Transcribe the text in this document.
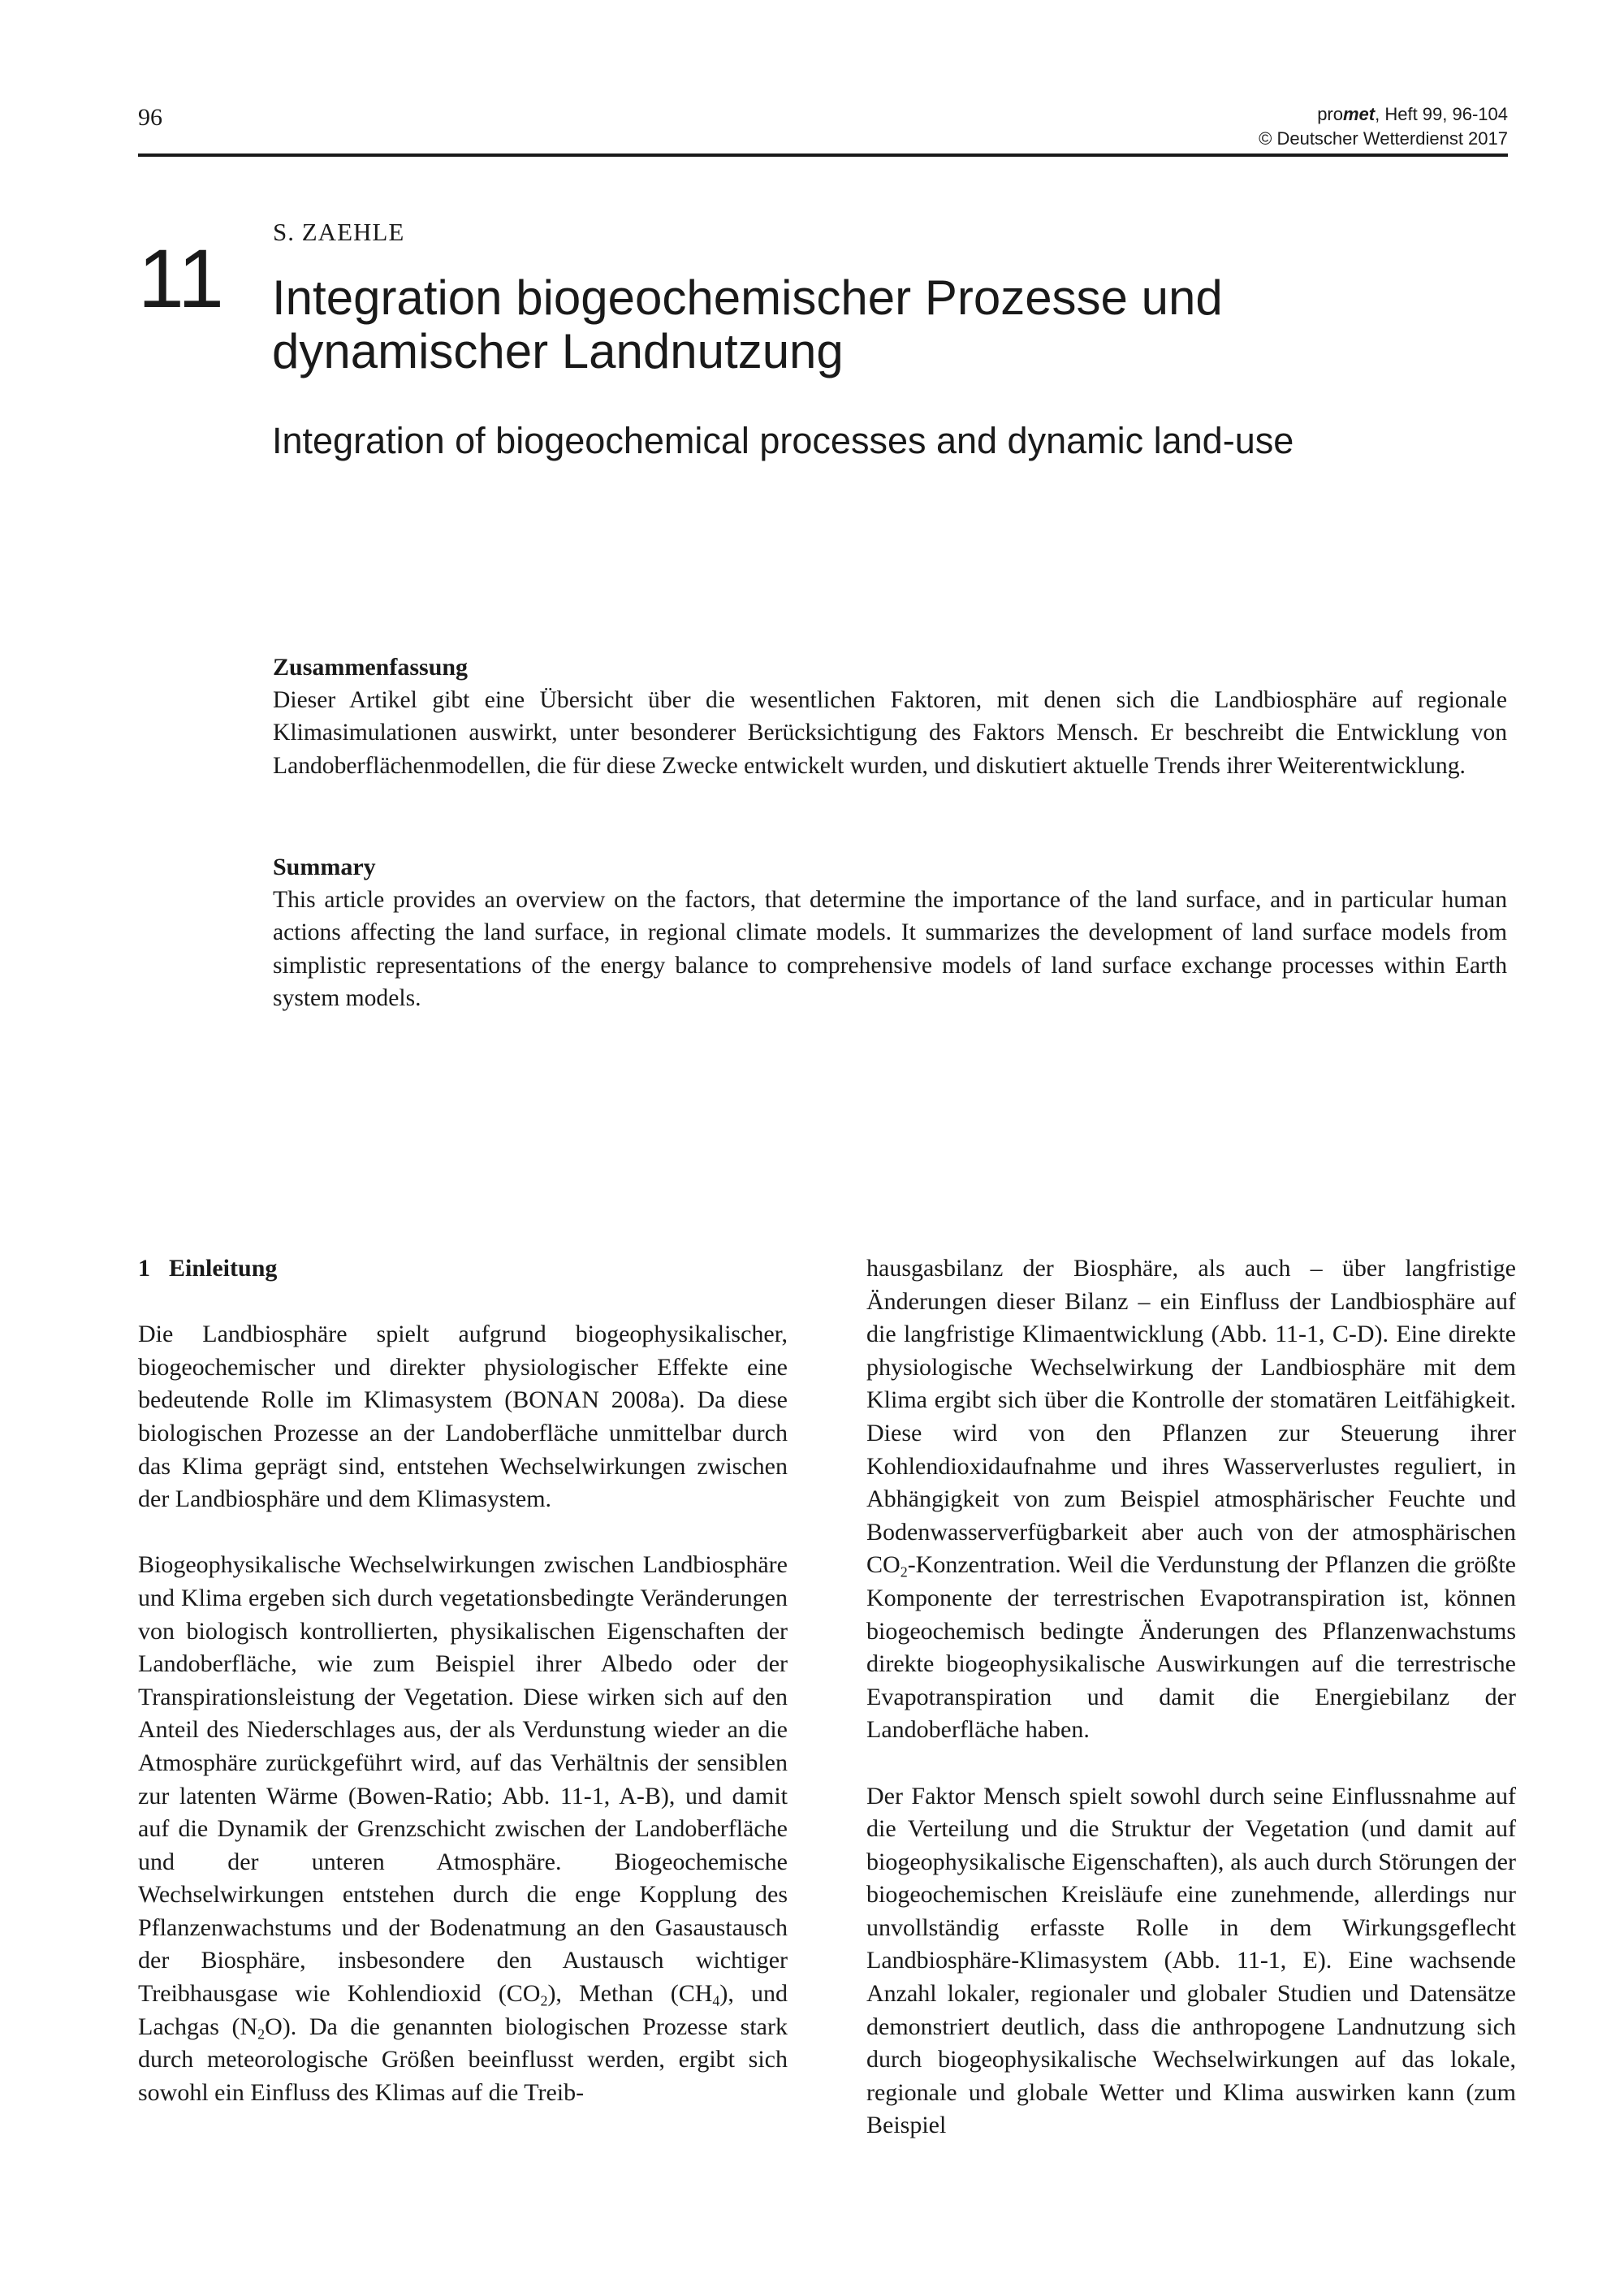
96	promet, Heft 99, 96-104
© Deutscher Wetterdienst 2017
S. ZAEHLE
11 Integration biogeochemischer Prozesse und dynamischer Landnutzung
Integration of biogeochemical processes and dynamic land-use
Zusammenfassung

Dieser Artikel gibt eine Übersicht über die wesentlichen Faktoren, mit denen sich die Landbiosphäre auf regionale Klimasimulationen auswirkt, unter besonderer Berücksichtigung des Faktors Mensch. Er beschreibt die Entwicklung von Landoberflächenmodellen, die für diese Zwecke entwickelt wurden, und diskutiert aktuelle Trends ihrer Weiterentwicklung.

Summary

This article provides an overview on the factors, that determine the importance of the land surface, and in particular human actions affecting the land surface, in regional climate models. It summarizes the development of land surface models from simplistic representations of the energy balance to comprehensive models of land surface exchange processes within Earth system models.

1 Einleitung

Die Landbiosphäre spielt aufgrund biogeophysikalischer, biogeochemischer und direkter physiologischer Effekte eine bedeutende Rolle im Klimasystem (BONAN 2008a). Da diese biologischen Prozesse an der Landoberfläche unmittelbar durch das Klima geprägt sind, entstehen Wechselwirkungen zwischen der Landbiosphäre und dem Klimasystem.

Biogeophysikalische Wechselwirkungen zwischen Landbiosphäre und Klima ergeben sich durch vegetationsbedingte Veränderungen von biologisch kontrollierten, physikalischen Eigenschaften der Landoberfläche, wie zum Beispiel ihrer Albedo oder der Transpirationsleistung der Vegetation. Diese wirken sich auf den Anteil des Niederschlages aus, der als Verdunstung wieder an die Atmosphäre zurückgeführt wird, auf das Verhältnis der sensiblen zur latenten Wärme (Bowen-Ratio; Abb. 11-1, A-B), und damit auf die Dynamik der Grenzschicht zwischen der Landoberfläche und der unteren Atmosphäre. Biogeochemische Wechselwirkungen entstehen durch die enge Kopplung des Pflanzenwachstums und der Bodenatmung an den Gasaustausch der Biosphäre, insbesondere den Austausch wichtiger Treibhausgase wie Kohlendioxid $(CO_2)$, Methan $(CH_4)$, und Lachgas $(N_2O)$. Da die genannten biologischen Prozesse stark durch meteorologische Größen beeinflusst werden, ergibt sich sowohl ein Einfluss des Klimas auf die Treib-

hausgasbilanz der Biosphäre, als auch – über langfristige Änderungen dieser Bilanz – ein Einfluss der Landbiosphäre auf die langfristige Klimaentwicklung (Abb. 11-1, C-D). Eine direkte physiologische Wechselwirkung der Landbiosphäre mit dem Klima ergibt sich über die Kontrolle der stomatären Leitfähigkeit. Diese wird von den Pflanzen zur Steuerung ihrer Kohlendioxidaufnahme und ihres Wasserverlustes reguliert, in Abhängigkeit von zum Beispiel atmosphärischer Feuchte und Bodenwasserverfügbarkeit aber auch von der atmosphärischen $CO_2$-Konzentration. Weil die Verdunstung der Pflanzen die größte Komponente der terrestrischen Evapotranspiration ist, können biogeochemisch bedingte Änderungen des Pflanzenwachstums direkte biogeophysikalische Auswirkungen auf die terrestrische Evapotranspiration und damit die Energiebilanz der Landoberfläche haben.

Der Faktor Mensch spielt sowohl durch seine Einflussnahme auf die Verteilung und die Struktur der Vegetation (und damit auf biogeophysikalische Eigenschaften), als auch durch Störungen der biogeochemischen Kreisläufe eine zunehmende, allerdings nur unvollständig erfasste Rolle in dem Wirkungsgeflecht Landbiosphäre-Klimasystem (Abb. 11-1, E). Eine wachsende Anzahl lokaler, regionaler und globaler Studien und Datensätze demonstriert deutlich, dass die anthropogene Landnutzung sich durch biogeophysikalische Wechselwirkungen auf das lokale, regionale und globale Wetter und Klima auswirken kann (zum Beispiel
